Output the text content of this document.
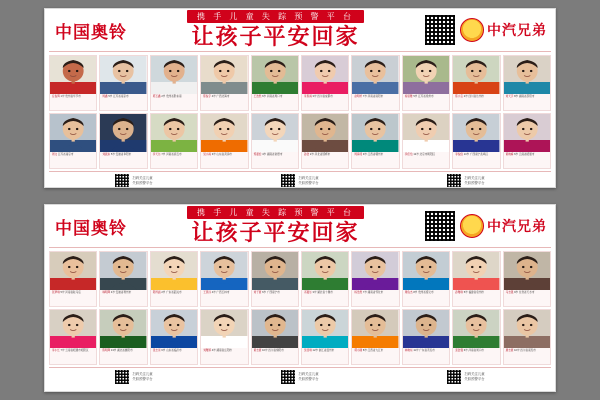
中国奥铃
携 手 儿 童 失 踪 预 警 平 台
让孩子平安回家	中汽兄弟
任俊辉 1岁 贵州省毕节市	周鑫 5岁 江苏省南京市	郭玉鑫 2岁 贵州省黔东南	陈俊宇 4岁 广西北海市	王浩然 6岁 河南省周口市	李思雨 3岁 四川省成都市	赵明轩 7岁 河南省南阳市	杨思雅 5岁 江苏省徐州市	陈小宝 2岁 四川省达州市	刘天宇 8岁 湖南省邵阳市
周文 江苏省南京市	刘振东 5岁 安徽省阜阳市	李天乐 7岁 河南省商丘市	吴小雨 3岁 山东省菏泽市	郑嘉怡 4岁 湖南省常德市	孙浩 2岁 河北省邯郸市	周海涛 9岁 江西省赣州市	李佳怡 12岁 北京市朝阳区	李俊伯 13岁 广西南宁武鸣区	黄晓梅 6岁 云南省昭通市
扫码关注儿童
失踪预警平台
扫码关注儿童
失踪预警平台
扫码关注儿童
失踪预警平台
中国奥铃
携 手 儿 童 失 踪 预 警 平 台
让孩子平安回家	中汽兄弟
张梦琪 5岁 河南省驻马店	韩明辉 4岁 安徽省亳州市	陈梓涵 2岁 广东省韶关市	王思远 4岁 广西玉林市	刘子豪 6岁 广西南宁市	邓嘉乐 3岁 湖北省十堰市	杨浩然 7岁 湖南省怀化市	周俊杰 8岁 贵州省遵义市	孙雅琪 5岁 福建省泉州市	马志强 9岁 甘肃省天水市
李小红 7岁 云南省昭通市昭阳区	陈明辉 13岁 湖北省襄阳市	张志远 6岁 山东省临沂市	刘雅婷 4岁 湖南省岳阳市	黄志豪 10岁 四川省绵阳市	吴佳琪 12岁 浙江省温州市	郭小刚 8岁 江西省九江市	林晓东 11岁 广东省茂名市	张浩强 6岁 河南省周口市	唐志豪 10岁 四川省南充市
扫码关注儿童
失踪预警平台
扫码关注儿童
失踪预警平台
扫码关注儿童
失踪预警平台
